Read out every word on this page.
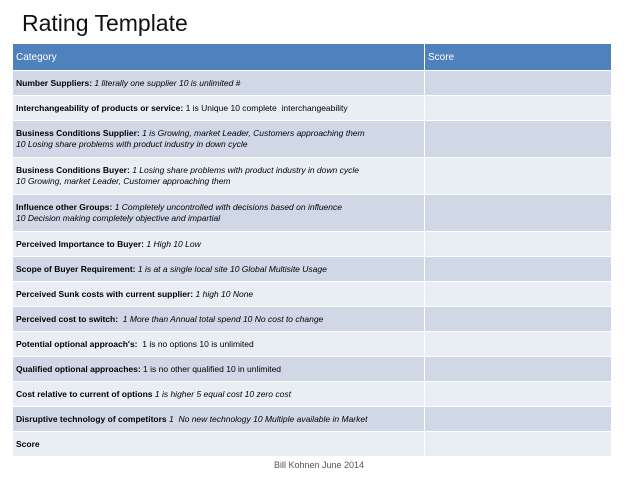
Rating Template
Category	Score

Number Suppliers: 1 literally one supplier 10 is unlimited #	

Interchangeability of products or service: 1 is Unique 10 complete  interchangeability	

Business Conditions Supplier: 1 is Growing, market Leader, Customers approaching them
10 Losing share problems with product industry in down cycle	

Business Conditions Buyer: 1 Losing share problems with product industry in down cycle
10 Growing, market Leader, Customer approaching them	

Influence other Groups: 1 Completely uncontrolled with decisions based on influence
10 Decision making completely objective and impartial	

Perceived Importance to Buyer: 1 High 10 Low	

Scope of Buyer Requirement: 1 is at a single local site 10 Global Multisite Usage	

Perceived Sunk costs with current supplier: 1 high 10 None	

Perceived cost to switch:  1 More than Annual total spend 10 No cost to change	

Potential optional approach's:  1 is no options 10 is unlimited	

Qualified optional approaches: 1 is no other qualified 10 in unlimited	

Cost relative to current of options 1 is higher 5 equal cost 10 zero cost	

Disruptive technology of competitors 1  No new technology 10 Multiple available in Market	

Score	

Bill Kohnen June 2014
